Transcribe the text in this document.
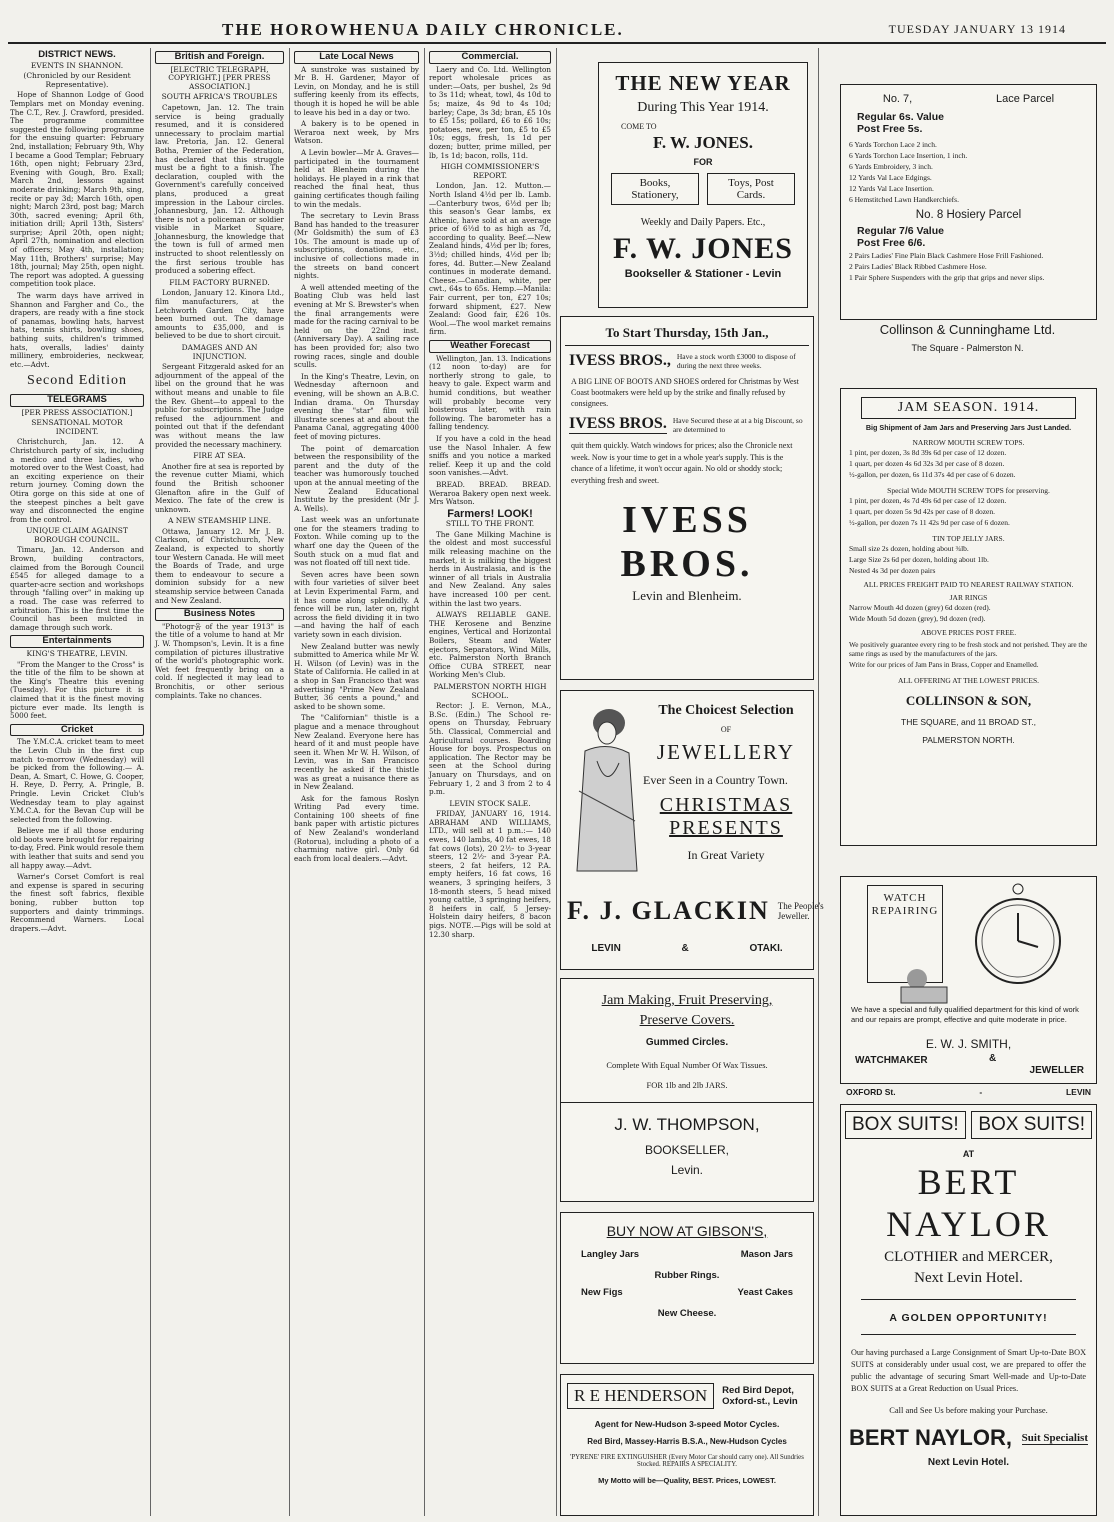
THE HOROWHENUA DAILY CHRONICLE.	TUESDAY JANUARY 13 1914
DISTRICT NEWS.
EVENTS IN SHANNON.
(Chronicled by our Resident Representative).

Hope of Shannon Lodge of Good Templars met on Monday evening. The C.T., Rev. J. Crawford, presided. The programme committee suggested the following programme for the ensuing quarter: February 2nd, installation; February 9th, Why I became a Good Templar; February 16th, open night; February 23rd, Evening with Gough, Bro. Exall; March 2nd, lessons against moderate drinking; March 9th, sing, recite or pay 3d; March 16th, open night; March 23rd, post bag; March 30th, sacred evening; April 6th, initiation drill; April 13th, Sisters' surprise; April 20th, open night; April 27th, nomination and election of officers; May 4th, installation; May 11th, Brothers' surprise; May 18th, journal; May 25th, open night. The report was adopted. A guessing competition took place.

The warm days have arrived in Shannon and Fargher and Co., the drapers, are ready with a fine stock of panamas, bowling hats, harvest hats, tennis shirts, bowling shoes, bathing suits, children's trimmed hats, overalls, ladies' dainty millinery, embroideries, neckwear, etc.—Advt.

Second Edition
TELEGRAMS
[PER PRESS ASSOCIATION.]
SENSATIONAL MOTOR INCIDENT.

Christchurch, Jan. 12. A Christchurch party of six, including a medico and three ladies, who motored over to the West Coast, had an exciting experience on their return journey. Coming down the Otira gorge on this side at one of the steepest pinches a belt gave way and disconnected the engine from the control.

UNIQUE CLAIM AGAINST BOROUGH COUNCIL.

Timaru, Jan. 12. Anderson and Brown, building contractors, claimed from the Borough Council £545 for alleged damage to a quarter-acre section and workshops through "falling over" in making up a road. The case was referred to arbitration. This is the first time the Council has been mulcted in damage through such work.

Entertainments
KING'S THEATRE, LEVIN.

"From the Manger to the Cross" is the title of the film to be shown at the King's Theatre this evening (Tuesday). For this picture it is claimed that it is the finest moving picture ever made. Its length is 5000 feet.

Cricket

The Y.M.C.A. cricket team to meet the Levin Club in the first cup match to-morrow (Wednesday) will be picked from the following.— A. Dean, A. Smart, C. Howe, G. Cooper, H. Reye, D. Perry, A. Pringle, B. Pringle. Levin Cricket Club's Wednesday team to play against Y.M.C.A. for the Bevan Cup will be selected from the following.

Believe me if all those enduring old boots were brought for repairing to-day, Fred. Pink would resole them with leather that suits and send you all happy away.—Advt.

Warner's Corset Comfort is real and expense is spared in securing the finest soft fabrics, flexible boning, rubber button top supporters and dainty trimmings. Recommend Warners. Local drapers.—Advt.

British and Foreign.
[ELECTRIC TELEGRAPH, COPYRIGHT.] [PER PRESS ASSOCIATION.]
SOUTH AFRICA'S TROUBLES

Capetown, Jan. 12. The train service is being gradually resumed, and it is considered unnecessary to proclaim martial law. Pretoria, Jan. 12. General Botha, Premier of the Federation, has declared that this struggle must be a fight to a finish. The declaration, coupled with the Government's carefully conceived plans, produced a great impression in the Labour circles. Johannesburg, Jan. 12. Although there is not a policeman or soldier visible in Market Square, Johannesburg, the knowledge that the town is full of armed men instructed to shoot relentlessly on the first serious trouble has produced a sobering effect.

FILM FACTORY BURNED.

London, January 12. Kinora Ltd., film manufacturers, at the Letchworth Garden City, have been burned out. The damage amounts to £35,000, and is believed to be due to short circuit.

DAMAGES AND AN INJUNCTION.

Sergeant Fitzgerald asked for an adjournment of the appeal of the libel on the ground that he was without means and unable to file the Rev. Ghent—to appeal to the public for subscriptions. The Judge refused the adjournment and pointed out that if the defendant was without means the law provided the necessary machinery.

FIRE AT SEA.

Another fire at sea is reported by the revenue cutter Miami, which found the British schooner Glenafton afire in the Gulf of Mexico. The fate of the crew is unknown.

A NEW STEAMSHIP LINE.

Ottawa, January 12. Mr J. B. Clarkson, of Christchurch, New Zealand, is expected to shortly tour Western Canada. He will meet the Boards of Trade, and urge them to endeavour to secure a dominion subsidy for a new steamship service between Canada and New Zealand.

Business Notes

"Photogr움 of the year 1913" is the title of a volume to hand at Mr J. W. Thompson's, Levin. It is a fine compilation of pictures illustrative of the world's photographic work. Wet feet frequently bring on a cold. If neglected it may lead to Bronchitis, or other serious complaints. Take no chances.

Late Local News

A sunstroke was sustained by Mr B. H. Gardener, Mayor of Levin, on Monday, and he is still suffering keenly from its effects, though it is hoped he will be able to leave his bed in a day or two.

A bakery is to be opened in Weraroa next week, by Mrs Watson.

A Levin bowler—Mr A. Graves—participated in the tournament held at Blenheim during the holidays. He played in a rink that reached the final heat, thus gaining certificates though failing to win the medals.

The secretary to Levin Brass Band has handed to the treasurer (Mr Goldsmith) the sum of £3 10s. The amount is made up of subscriptions, donations, etc., inclusive of collections made in the streets on band concert nights.

A well attended meeting of the Boating Club was held last evening at Mr S. Brewster's when the final arrangements were made for the racing carnival to be held on the 22nd inst. (Anniversary Day). A sailing race has been provided for; also two rowing races, single and double sculls.

In the King's Theatre, Levin, on Wednesday afternoon and evening, will be shown an A.B.C. Indian drama. On Thursday evening the "star" film will illustrate scenes at and about the Panama Canal, aggregating 4000 feet of moving pictures.

The point of demarcation between the responsibility of the parent and the duty of the teacher was humorously touched upon at the annual meeting of the New Zealand Educational Institute by the president (Mr J. A. Wells).

Last week was an unfortunate one for the steamers trading to Foxton. While coming up to the wharf one day the Queen of the South stuck on a mud flat and was not floated off till next tide.

Seven acres have been sown with four varieties of silver beet at Levin Experimental Farm, and it has come along splendidly. A fence will be run, later on, right across the field dividing it in two—and having the half of each variety sown in each division.

New Zealand butter was newly submitted to America while Mr W. H. Wilson (of Levin) was in the State of California. He called in at a shop in San Francisco that was advertising "Prime New Zealand Butter, 36 cents a pound," and asked to be shown some.

The "Californian" thistle is a plague and a menace throughout New Zealand. Everyone here has heard of it and must people have seen it. When Mr W. H. Wilson, of Levin, was in San Francisco recently he asked if the thistle was as great a nuisance there as in New Zealand.

Ask for the famous Roslyn Writing Pad every time. Containing 100 sheets of fine bank paper with artistic pictures of New Zealand's wonderland (Rotorua), including a photo of a charming native girl. Only 6d each from local dealers.—Advt.

Commercial.

Laery and Co. Ltd. Wellington report wholesale prices as under:—Oats, per bushel, 2s 9d to 3s 11d; wheat, towl, 4s 10d to 5s; maize, 4s 9d to 4s 10d; barley; Cape, 3s 3d; bran, £5 10s to £5 15s; pollard, £6 to £6 10s; potatoes, new, per ton, £5 to £5 10s; eggs, fresh, 1s 1d per dozen; butter, prime milled, per lb, 1s 1d; bacon, rolls, 11d.

HIGH COMMISSIONER'S REPORT.

London, Jan. 12. Mutton.—North Island 4½d per lb. Lamb.—Canterbury twos, 6½d per lb; this season's Gear lambs, ex Athenic, have sold at an average price of 6½d to as high as 7d, according to quality. Beef.—New Zealand hinds, 4½d per lb; fores, 3½d; chilled hinds, 4½d per lb; fores, 4d. Butter.—New Zealand continues in moderate demand. Cheese.—Canadian, white, per cwt., 64s to 65s. Hemp.—Manila: Fair current, per ton, £27 10s; forward shipment, £27. New Zealand: Good fair, £26 10s. Wool.—The wool market remains firm.

Weather Forecast

Wellington, Jan. 13. Indications (12 noon to-day) are for northerly strong to gale, to heavy to gale. Expect warm and humid conditions, but weather will probably become very boisterous later, with rain following. The barometer has a falling tendency.

If you have a cold in the head use the Nasol Inhaler. A few sniffs and you notice a marked relief. Keep it up and the cold soon vanishes.—Advt.

BREAD. BREAD. BREAD. Weraroa Bakery open next week. Mrs Watson.

Farmers! LOOK!
STILL TO THE FRONT.

The Gane Milking Machine is the oldest and most successful milk releasing machine on the market, it is milking the biggest herds in Australasia, and is the winner of all trials in Australia and New Zealand. Any sales have increased 100 per cent. within the last two years.

ALWAYS RELIABLE GANE. THE Kerosene and Benzine engines, Vertical and Horizontal Boilers, Steam and Water ejectors, Separators, Wind Mills, etc. Palmerston North Branch Office CUBA STREET, near Working Men's Club.

PALMERSTON NORTH HIGH SCHOOL.

Rector: J. E. Vernon, M.A., B.Sc. (Edin.) The School re-opens on Thursday, February 5th. Classical, Commercial and Agricultural courses. Boarding House for boys. Prospectus on application. The Rector may be seen at the School during January on Thursdays, and on February 1, 2 and 3 from 2 to 4 p.m.

LEVIN STOCK SALE.

FRIDAY, JANUARY 16, 1914. ABRAHAM AND WILLIAMS, LTD., will sell at 1 p.m.:— 140 ewes, 140 lambs, 40 fat ewes, 18 fat cows (lots), 20 2½- to 3-year steers, 12 2½- and 3-year P.A. steers, 2 fat heifers, 12 P.A. empty heifers, 16 fat cows, 16 weaners, 3 springing heifers, 3 18-month steers, 5 head mixed young cattle, 3 springing heifers, 8 heifers in calf, 5 Jersey-Holstein dairy heifers, 8 bacon pigs. NOTE.—Pigs will be sold at 12.30 sharp.

THE NEW YEAR
During This Year 1914.
COME TO
F. W. JONES.
FOR
Books, Stationery, Toys, Post Cards.
Weekly and Daily Papers. Etc.,
F. W. JONES
Bookseller & Stationer - Levin
To Start Thursday, 15th Jan.,
IVESS BROS., Have a stock worth £3000 to dispose of during the next three weeks.
A BIG LINE OF BOOTS AND SHOES ordered for Christmas by West Coast bootmakers were held up by the strike and finally refused by consignees.
IVESS BROS. Have Secured these at at a big Discount, so are determined to
quit them quickly. Watch windows for prices; also the Chronicle next week. Now is your time to get in a whole year's supply. This is the chance of a lifetime, it won't occur again. No old or shoddy stock; everything fresh and sweet.
IVESS BROS.
Levin and Blenheim.
The Choicest Selection
OF
JEWELLERY
Ever Seen in a Country Town.
CHRISTMAS
PRESENTS
In Great Variety
F. J. GLACKIN The People's Jeweller.
LEVIN	&	OTAKI.
Jam Making, Fruit Preserving,
Preserve Covers.
Gummed Circles.
Complete With Equal Number Of Wax Tissues.
FOR 1lb and 2lb JARS.
J. W. THOMPSON,
BOOKSELLER,
Levin.
BUY NOW AT GIBSON'S,
Langley Jars	Mason Jars
Rubber Rings.
New Figs	Yeast Cakes
New Cheese.
R E HENDERSON	Red Bird Depot, Oxford-st., Levin
Agent for New-Hudson 3-speed Motor Cycles.
Red Bird, Massey-Harris B.S.A., New-Hudson Cycles
'PYRENE' FIRE EXTINGUISHER (Every Motor Car should carry one). All Sundries Stocked. REPAIRS A SPECIALITY.
My Motto will be—Quality, BEST. Prices, LOWEST.
No. 7,	Lace Parcel
Regular 6s. Value
Post Free 5s.
6 Yards Torchon Lace 2 inch.
6 Yards Torchon Lace Insertion, 1 inch.
6 Yards Embroidery, 3 inch.
12 Yards Val Lace Edgings.
12 Yards Val Lace Insertion.
6 Hemstitched Lawn Handkerchiefs.
No. 8 Hosiery Parcel
Regular 7/6 Value
Post Free 6/6.
2 Pairs Ladies' Fine Plain Black Cashmere Hose Frill Fashioned.
2 Pairs Ladies' Black Ribbed Cashmere Hose.
1 Pair Sphere Suspenders with the grip that grips and never slips.
Collinson & Cunninghame Ltd.
The Square - Palmerston N.
JAM SEASON. 1914.
Big Shipment of Jam Jars and Preserving Jars Just Landed.
NARROW MOUTH SCREW TOPS.
1 pint, per dozen, 3s 8d 39s 6d per case of 12 dozen.
1 quart, per dozen 4s 6d 32s 3d per case of 8 dozen.
½-gallon, per dozen, 6s 11d 37s 4d per case of 6 dozen.
Special Wide MOUTH SCREW TOPS for preserving.
1 pint, per dozen, 4s 7d 49s 6d per case of 12 dozen.
1 quart, per dozen 5s 9d 42s per case of 8 dozen.
½-gallon, per dozen 7s 11 42s 9d per case of 6 dozen.
TIN TOP JELLY JARS.
Small size 2s dozen, holding about ¾lb.
Large Size 2s 6d per dozen, holding about 1lb.
Nested 4s 3d per dozen pairs
ALL PRICES FREIGHT PAID TO NEAREST RAILWAY STATION.
JAR RINGS
Narrow Mouth 4d dozen (grey) 6d dozen (red).
Wide Mouth 5d dozen (grey), 9d dozen (red).
ABOVE PRICES POST FREE.
We positively guarantee every ring to be fresh stock and not perished. They are the same rings as used by the manufacturers of the jars.
Write for our prices of Jam Pans in Brass, Copper and Enamelled.
ALL OFFERING AT THE LOWEST PRICES.
COLLINSON & SON,
THE SQUARE, and 11 BROAD ST.,
PALMERSTON NORTH.
WATCH REPAIRING
We have a special and fully qualified department for this kind of work and our repairs are prompt, effective and quite moderate in price.
E. W. J. SMITH,
WATCHMAKER	&
JEWELLER
OXFORD St.	-	LEVIN
BOX SUITS!	BOX SUITS!
AT
BERT NAYLOR
CLOTHIER and MERCER,
Next Levin Hotel.
A GOLDEN OPPORTUNITY!
Our having purchased a Large Consignment of Smart Up-to-Date BOX SUITS at considerably under usual cost, we are prepared to offer the public the advantage of securing Smart Well-made and Up-to-Date BOX SUITS at a Great Reduction on Usual Prices.
Call and See Us before making your Purchase.
BERT NAYLOR, Suit Specialist
Next Levin Hotel.
